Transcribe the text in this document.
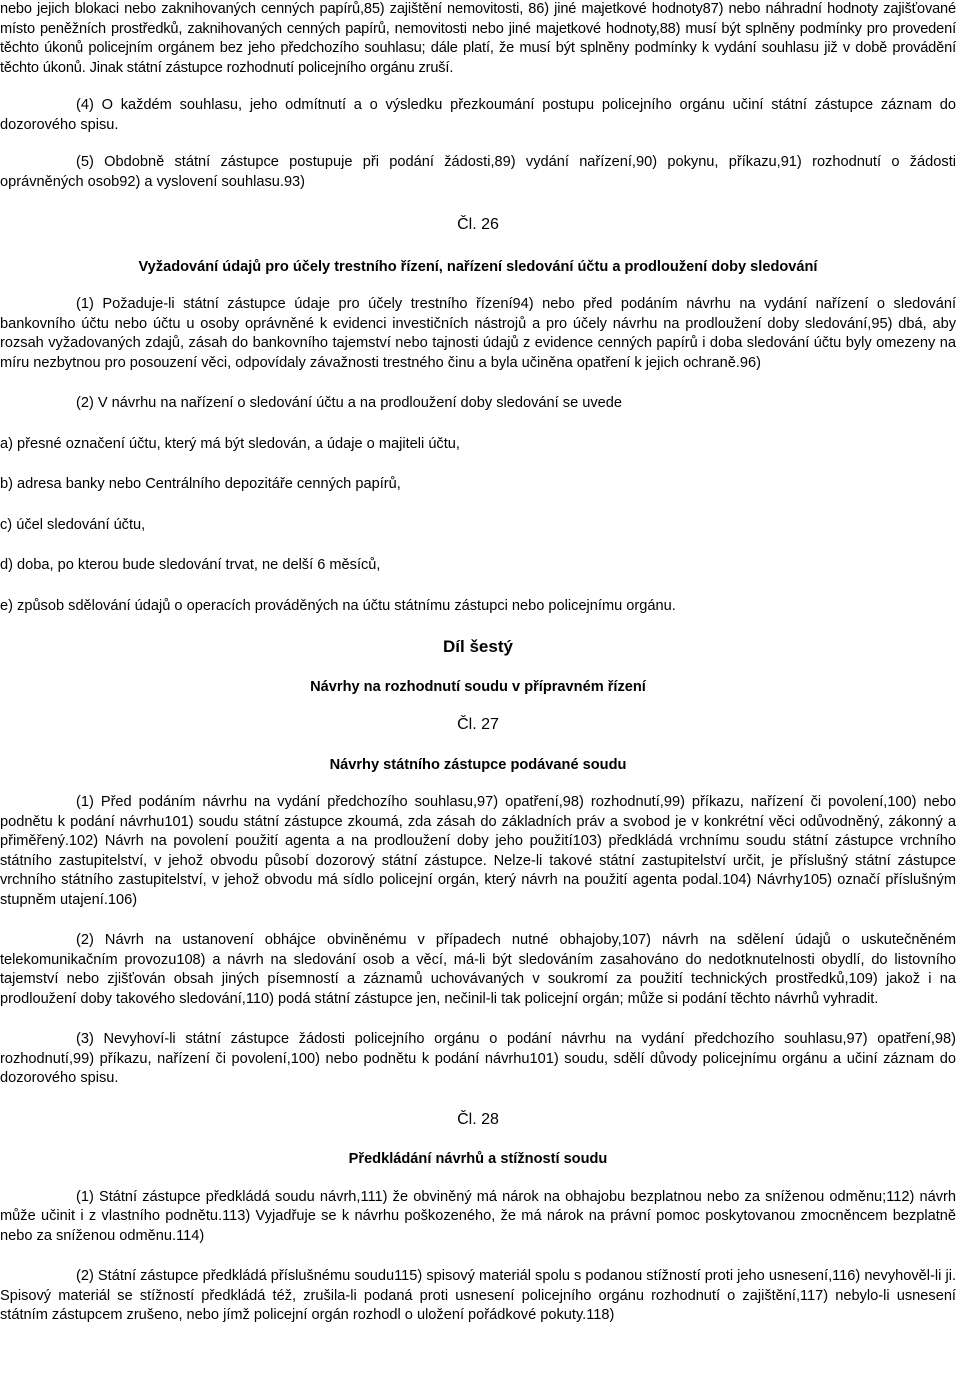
nebo jejich blokaci nebo zaknihovaných cenných papírů,85) zajištění nemovitosti, 86) jiné majetkové hodnoty87) nebo náhradní hodnoty zajišťované místo peněžních prostředků, zaknihovaných cenných papírů, nemovitosti nebo jiné majetkové hodnoty,88) musí být splněny podmínky pro provedení těchto úkonů policejním orgánem bez jeho předchozího souhlasu; dále platí, že musí být splněny podmínky k vydání souhlasu již v době provádění těchto úkonů. Jinak státní zástupce rozhodnutí policejního orgánu zruší.

(4) O každém souhlasu, jeho odmítnutí a o výsledku přezkoumání postupu policejního orgánu učiní státní zástupce záznam do dozorového spisu.

(5) Obdobně státní zástupce postupuje při podání žádosti,89) vydání nařízení,90) pokynu, příkazu,91) rozhodnutí o žádosti oprávněných osob92) a vyslovení souhlasu.93)

Čl. 26

Vyžadování údajů pro účely trestního řízení, nařízení sledování účtu a prodloužení doby sledování

(1) Požaduje-li státní zástupce údaje pro účely trestního řízení94) nebo před podáním návrhu na vydání nařízení o sledování bankovního účtu nebo účtu u osoby oprávněné k evidenci investičních nástrojů a pro účely návrhu na prodloužení doby sledování,95) dbá, aby rozsah vyžadovaných zdajů, zásah do bankovního tajemství nebo tajnosti údajů z evidence cenných papírů i doba sledování účtu byly omezeny na míru nezbytnou pro posouzení věci, odpovídaly závažnosti trestného činu a byla učiněna opatření k jejich ochraně.96)

(2) V návrhu na nařízení o sledování účtu a na prodloužení doby sledování se uvede

a) přesné označení účtu, který má být sledován, a údaje o majiteli účtu,

b) adresa banky nebo Centrálního depozitáře cenných papírů,

c) účel sledování účtu,

d) doba, po kterou bude sledování trvat, ne delší 6 měsíců,

e) způsob sdělování údajů o operacích prováděných na účtu státnímu zástupci nebo policejnímu orgánu.

Díl šestý

Návrhy na rozhodnutí soudu v přípravném řízení

Čl. 27

Návrhy státního zástupce podávané soudu

(1) Před podáním návrhu na vydání předchozího souhlasu,97) opatření,98) rozhodnutí,99) příkazu, nařízení či povolení,100) nebo podnětu k podání návrhu101) soudu státní zástupce zkoumá, zda zásah do základních práv a svobod je v konkrétní věci odůvodněný, zákonný a přiměřený.102) Návrh na povolení použití agenta a na prodloužení doby jeho použití103) předkládá vrchnímu soudu státní zástupce vrchního státního zastupitelství, v jehož obvodu působí dozorový státní zástupce. Nelze-li takové státní zastupitelství určit, je příslušný státní zástupce vrchního státního zastupitelství, v jehož obvodu má sídlo policejní orgán, který návrh na použití agenta podal.104) Návrhy105) označí příslušným stupněm utajení.106)

(2) Návrh na ustanovení obhájce obviněnému v případech nutné obhajoby,107) návrh na sdělení údajů o uskutečněném telekomunikačním provozu108) a návrh na sledování osob a věcí, má-li být sledováním zasahováno do nedotknutelnosti obydlí, do listovního tajemství nebo zjišťován obsah jiných písemností a záznamů uchovávaných v soukromí za použití technických prostředků,109) jakož i na prodloužení doby takového sledování,110) podá státní zástupce jen, nečinil-li tak policejní orgán; může si podání těchto návrhů vyhradit.

(3) Nevyhoví-li státní zástupce žádosti policejního orgánu o podání návrhu na vydání předchozího souhlasu,97) opatření,98) rozhodnutí,99) příkazu, nařízení či povolení,100) nebo podnětu k podání návrhu101) soudu, sdělí důvody policejnímu orgánu a učiní záznam do dozorového spisu.

Čl. 28

Předkládání návrhů a stížností soudu

(1) Státní zástupce předkládá soudu návrh,111) že obviněný má nárok na obhajobu bezplatnou nebo za sníženou odměnu;112) návrh může učinit i z vlastního podnětu.113) Vyjadřuje se k návrhu poškozeného, že má nárok na právní pomoc poskytovanou zmocněncem bezplatně nebo za sníženou odměnu.114)

(2) Státní zástupce předkládá příslušnému soudu115) spisový materiál spolu s podanou stížností proti jeho usnesení,116) nevyhověl-li ji. Spisový materiál se stížností předkládá též, zrušila-li podaná proti usnesení policejního orgánu rozhodnutí o zajištění,117) nebylo-li usnesení státním zástupcem zrušeno, nebo jímž policejní orgán rozhodl o uložení pořádkové pokuty.118)
